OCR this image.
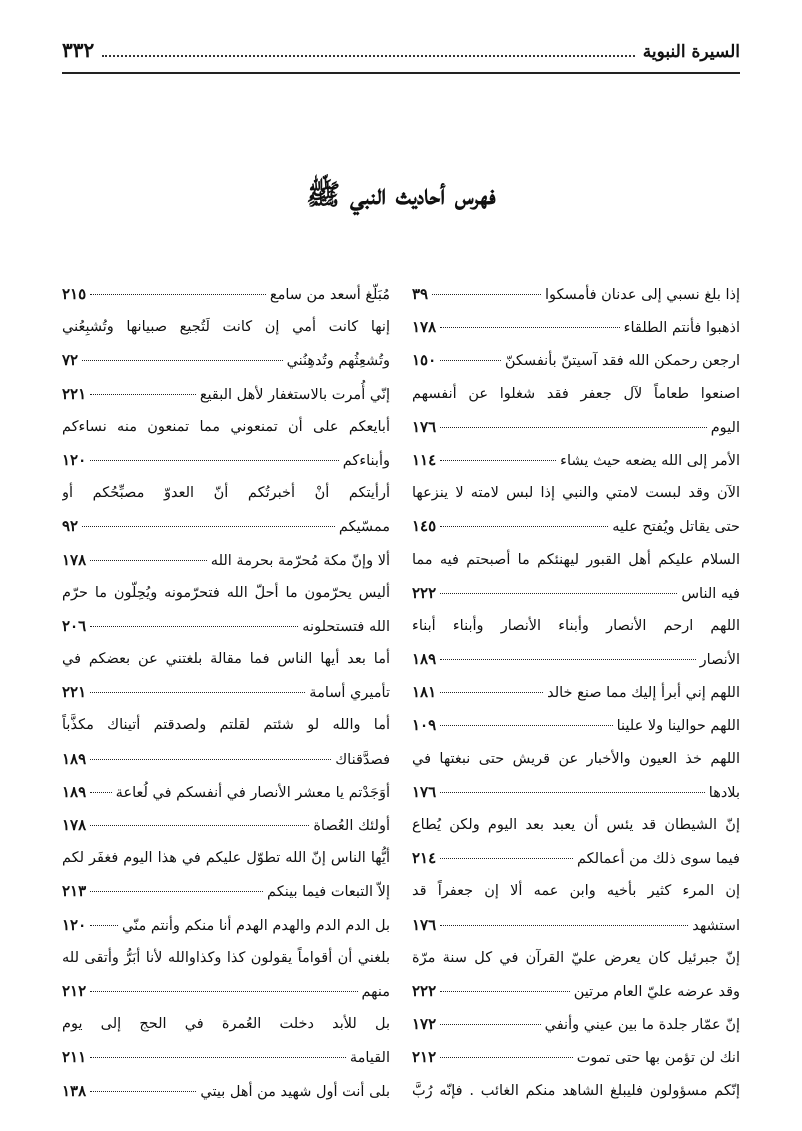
السيرة النبوية
٣٣٢
فهرس أحاديث النبي ﷺ
إذا بلغ نسبي إلى عدنان فأمسكوا
٣٩
اذهبوا فأنتم الطلقاء
١٧٨
ارجعن رحمكن الله فقد آسيتنّ بأنفسكنّ
١٥٠
اصنعوا طعاماً لآل جعفر فقد شغلوا عن أنفسهم
اليوم
١٧٦
الأمر إلى الله يضعه حيث يشاء
١١٤
الآن وقد لبست لامتي والنبي إذا لبس لامته لا ينزعها
حتى يقاتل ويُفتح عليه
١٤٥
السلام عليكم أهل القبور ليهنئكم ما أصبحتم فيه مما
فيه الناس
٢٢٢
اللهم ارحم الأنصار وأبناء الأنصار وأبناء أبناء
الأنصار
١٨٩
اللهم إني أبرأ إليك مما صنع خالد
١٨١
اللهم حوالينا ولا علينا
١٠٩
اللهم خذ العيون والأخبار عن قريش حتى نبغتها في
بلادها
١٧٦
إنّ الشيطان قد يئس أن يعبد بعد اليوم ولكن يُطاع
فيما سوى ذلك من أعمالكم
٢١٤
إن المرء كثير بأخيه وابن عمه ألا إن جعفراً قد
استشهد
١٧٦
إنّ جبرئيل كان يعرض عليّ القرآن في كل سنة مرّة
وقد عرضه عليّ العام مرتين
٢٢٢
إنّ عمّار جلدة ما بين عيني وأنفي
١٧٢
انك لن تؤمن بها حتى تموت
٢١٢
إنّكم مسؤولون فليبلغ الشاهد منكم الغائب . فإنّه رُبَّ
مُبَلّغ أسعد من سامع
٢١٥
إنها كانت أمي إن كانت لَتُجيع صبيانها وتُشبِعُني
وتُشعِثُهم وتُدهِنُني
٧٢
إنّي أُمرت بالاستغفار لأهل البقيع
٢٢١
أبايعكم على أن تمنعوني مما تمنعون منه نساءكم
وأبناءكم
١٢٠
أرأيتكم أنْ أخبرتُكم أنّ العدوّ مصبِّحُكم أو
ممسّيكم
٩٢
ألا وإنّ مكة مُحرّمة بحرمة الله
١٧٨
أليس يحرّمون ما أحلّ الله فتحرّمونه ويُحِلّون ما حرّم
الله فتستحلونه
٢٠٦
أما بعد أيها الناس فما مقالة بلغتني عن بعضكم في
تأميري أسامة
٢٢١
أما والله لو شئتم لقلتم ولصدقتم أتيناك مكذَّباً
فصدَّقناك
١٨٩
أوَجَدْتم يا معشر الأنصار في أنفسكم في لُعاعة
١٨٩
أولئك العُصاة
١٧٨
أيُّها الناس إنّ الله تطوّل عليكم في هذا اليوم فغفَر لكم
إلاّ التبعات فيما بينكم
٢١٣
بل الدم الدم والهدم الهدم أنا منكم وأنتم منّي
١٢٠
بلغني أن أقواماً يقولون كذا وكذاوالله لأنا أبَرُّ وأتقى لله
منهم
٢١٢
بل للأبد دخلت العُمرة في الحج إلى يوم
القيامة
٢١١
بلى أنت أول شهيد من أهل بيتي
١٣٨
